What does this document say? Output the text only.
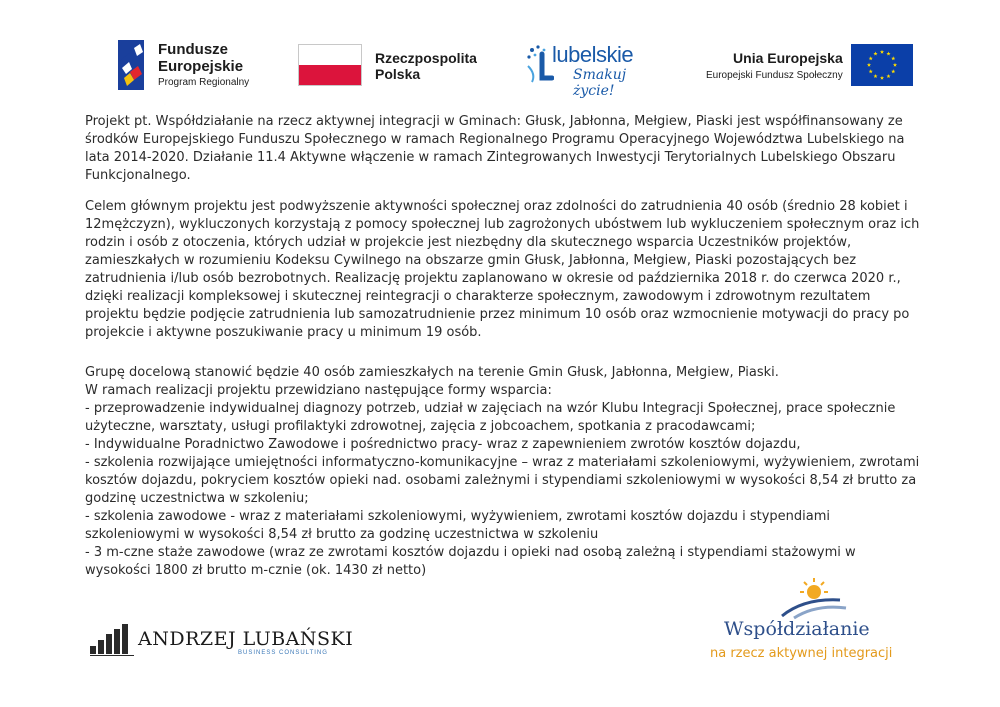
Fundusze
Europejskie
Program Regionalny
Rzeczpospolita
Polska
lubelskie
Smakuj życie!
Unia Europejska
Europejski Fundusz Społeczny

Projekt pt. Współdziałanie na rzecz aktywnej integracji w Gminach: Głusk, Jabłonna, Mełgiew, Piaski jest współfinansowany ze środków Europejskiego Funduszu Społecznego w ramach Regionalnego Programu Operacyjnego Województwa Lubelskiego na lata 2014-2020. Działanie 11.4 Aktywne włączenie w ramach Zintegrowanych Inwestycji Terytorialnych Lubelskiego Obszaru Funkcjonalnego.

Celem głównym projektu jest podwyższenie aktywności społecznej oraz zdolności do zatrudnienia 40 osób (średnio 28 kobiet i 12mężczyzn), wykluczonych korzystają z pomocy społecznej lub zagrożonych ubóstwem lub wykluczeniem społecznym oraz ich rodzin i osób z otoczenia, których udział w projekcie jest niezbędny dla skutecznego wsparcia Uczestników projektów, zamieszkałych w rozumieniu Kodeksu Cywilnego na obszarze gmin Głusk, Jabłonna, Mełgiew, Piaski pozostających bez zatrudnienia i/lub osób bezrobotnych. Realizację projektu zaplanowano w okresie od października 2018 r. do czerwca 2020 r., dzięki realizacji kompleksowej i skutecznej reintegracji o charakterze społecznym, zawodowym i zdrowotnym rezultatem projektu będzie podjęcie zatrudnienia lub samozatrudnienie przez minimum 10 osób oraz wzmocnienie motywacji do pracy po projekcie i aktywne poszukiwanie pracy u minimum 19 osób.

Grupę docelową stanowić będzie 40 osób zamieszkałych na terenie Gmin Głusk, Jabłonna, Mełgiew, Piaski.
W ramach realizacji projektu przewidziano następujące formy wsparcia:
- przeprowadzenie indywidualnej diagnozy potrzeb, udział w zajęciach na wzór Klubu Integracji Społecznej, prace społecznie użyteczne, warsztaty, usługi profilaktyki zdrowotnej, zajęcia z jobcoachem, spotkania z pracodawcami;
- Indywidualne Poradnictwo Zawodowe i pośrednictwo pracy- wraz z zapewnieniem zwrotów kosztów dojazdu,
- szkolenia rozwijające umiejętności informatyczno-komunikacyjne – wraz z materiałami szkoleniowymi, wyżywieniem, zwrotami kosztów dojazdu, pokryciem kosztów opieki nad. osobami zależnymi i stypendiami szkoleniowymi w wysokości 8,54 zł brutto za godzinę uczestnictwa w szkoleniu;
- szkolenia zawodowe - wraz z materiałami szkoleniowymi, wyżywieniem, zwrotami kosztów dojazdu i stypendiami szkoleniowymi w wysokości 8,54 zł brutto za godzinę uczestnictwa w szkoleniu
- 3 m-czne staże zawodowe (wraz ze zwrotami kosztów dojazdu i opieki nad osobą zależną i stypendiami stażowymi w wysokości 1800 zł brutto m-cznie (ok. 1430 zł netto)
ANDRZEJ LUBAŃSKI
BUSINESS CONSULTING
Współdziałanie
na rzecz aktywnej integracji
